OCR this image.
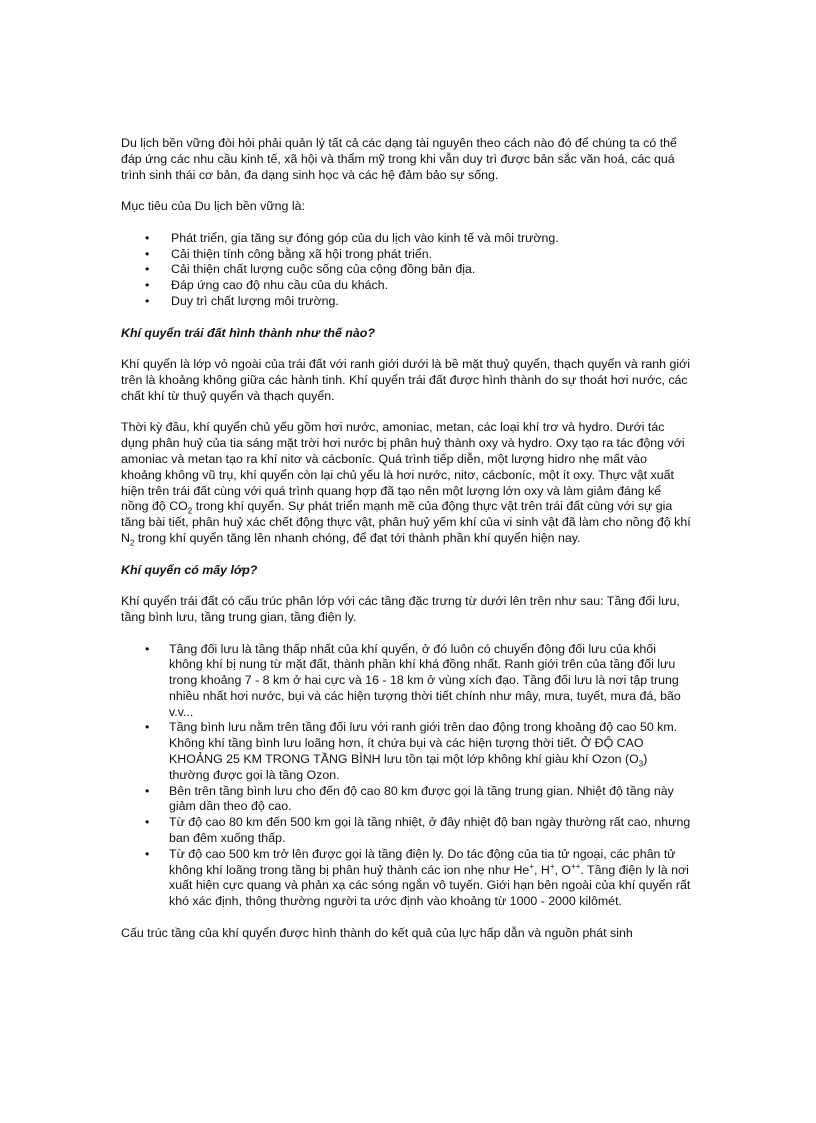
Du lịch bền vững đòi hỏi phải quản lý tất cả các dạng tài nguyên theo cách nào đó để chúng ta có thể đáp ứng các nhu cầu kinh tế, xã hội và thẩm mỹ trong khi vẫn duy trì được bản sắc văn hoá, các quá trình sinh thái cơ bản, đa dạng sinh học và các hệ đảm bảo sự sống.

Mục tiêu của Du lịch bền vững là:

• Phát triển, gia tăng sự đóng góp của du lịch vào kinh tế và môi trường.
• Cải thiện tính công bằng xã hội trong phát triển.
• Cải thiện chất lượng cuộc sống của cộng đồng bản địa.
• Đáp ứng cao độ nhu cầu của du khách.
• Duy trì chất lượng môi trường.

Khí quyển trái đất hình thành như thế nào?

Khí quyển là lớp vỏ ngoài của trái đất với ranh giới dưới là bề mặt thuỷ quyển, thạch quyển và ranh giới trên là khoảng không giữa các hành tinh. Khí quyển trái đất được hình thành do sự thoát hơi nước, các chất khí từ thuỷ quyển và thạch quyển.

Thời kỳ đầu, khí quyển chủ yếu gồm hơi nước, amoniac, metan, các loại khí trơ và hydro. Dưới tác dụng phân huỷ của tia sáng mặt trời hơi nước bị phân huỷ thành oxy và hydro. Oxy tạo ra tác động với amoniac và metan tạo ra khí nitơ và cácboníc. Quá trình tiếp diễn, một lượng hidro nhẹ mất vào khoảng không vũ trụ, khí quyển còn lại chủ yếu là hơi nước, nitơ, cácboníc, một ít oxy. Thực vật xuất hiện trên trái đất cùng với quá trình quang hợp đã tạo nên một lượng lớn oxy và làm giảm đáng kể nồng độ $CO_2$ trong khí quyển. Sự phát triển mạnh mẽ của động thực vật trên trái đất cùng với sự gia tăng bài tiết, phân huỷ xác chết động thực vật, phân huỷ yếm khí của vi sinh vật đã làm cho nồng độ khí $N_2$ trong khí quyển tăng lên nhanh chóng, để đạt tới thành phần khí quyển hiện nay.

Khí quyển có mấy lớp?

Khí quyển trái đất có cấu trúc phân lớp với các tầng đặc trưng từ dưới lên trên như sau: Tầng đối lưu, tầng bình lưu, tầng trung gian, tầng điện ly.

• Tầng đối lưu là tầng thấp nhất của khí quyển, ở đó luôn có chuyển động đối lưu của khối không khí bị nung từ mặt đất, thành phần khí khá đồng nhất. Ranh giới trên của tầng đối lưu trong khoảng 7 - 8 km ở hai cực và 16 - 18 km ở vùng xích đạo. Tầng đối lưu là nơi tập trung nhiều nhất hơi nước, bụi và các hiện tượng thời tiết chính như mây, mưa, tuyết, mưa đá, bão v.v...
• Tầng bình lưu nằm trên tầng đối lưu với ranh giới trên dao động trong khoảng độ cao 50 km. Không khí tầng bình lưu loãng hơn, ít chứa bụi và các hiện tượng thời tiết. Ở ĐỘ CAO KHOẢNG 25 KM TRONG TẦNG BÌNH lưu tồn tại một lớp không khí giàu khí Ozon $(O_3)$ thường được gọi là tầng Ozon.
• Bên trên tầng bình lưu cho đến độ cao 80 km được gọi là tầng trung gian. Nhiệt độ tầng này giảm dần theo độ cao.
• Từ độ cao 80 km đến 500 km gọi là tầng nhiệt, ở đây nhiệt độ ban ngày thường rất cao, nhưng ban đêm xuống thấp.
• Từ độ cao 500 km trở lên được gọi là tầng điện ly. Do tác động của tia tử ngoại, các phân tử không khí loãng trong tầng bị phân huỷ thành các ion nhẹ như He+, H+, O++. Tầng điện ly là nơi xuất hiện cực quang và phản xạ các sóng ngắn vô tuyến. Giới hạn bên ngoài của khí quyển rất khó xác định, thông thường người ta ước định vào khoảng từ 1000 - 2000 kilômét.

Cấu trúc tầng của khí quyển được hình thành do kết quả của lực hấp dẫn và nguồn phát sinh
